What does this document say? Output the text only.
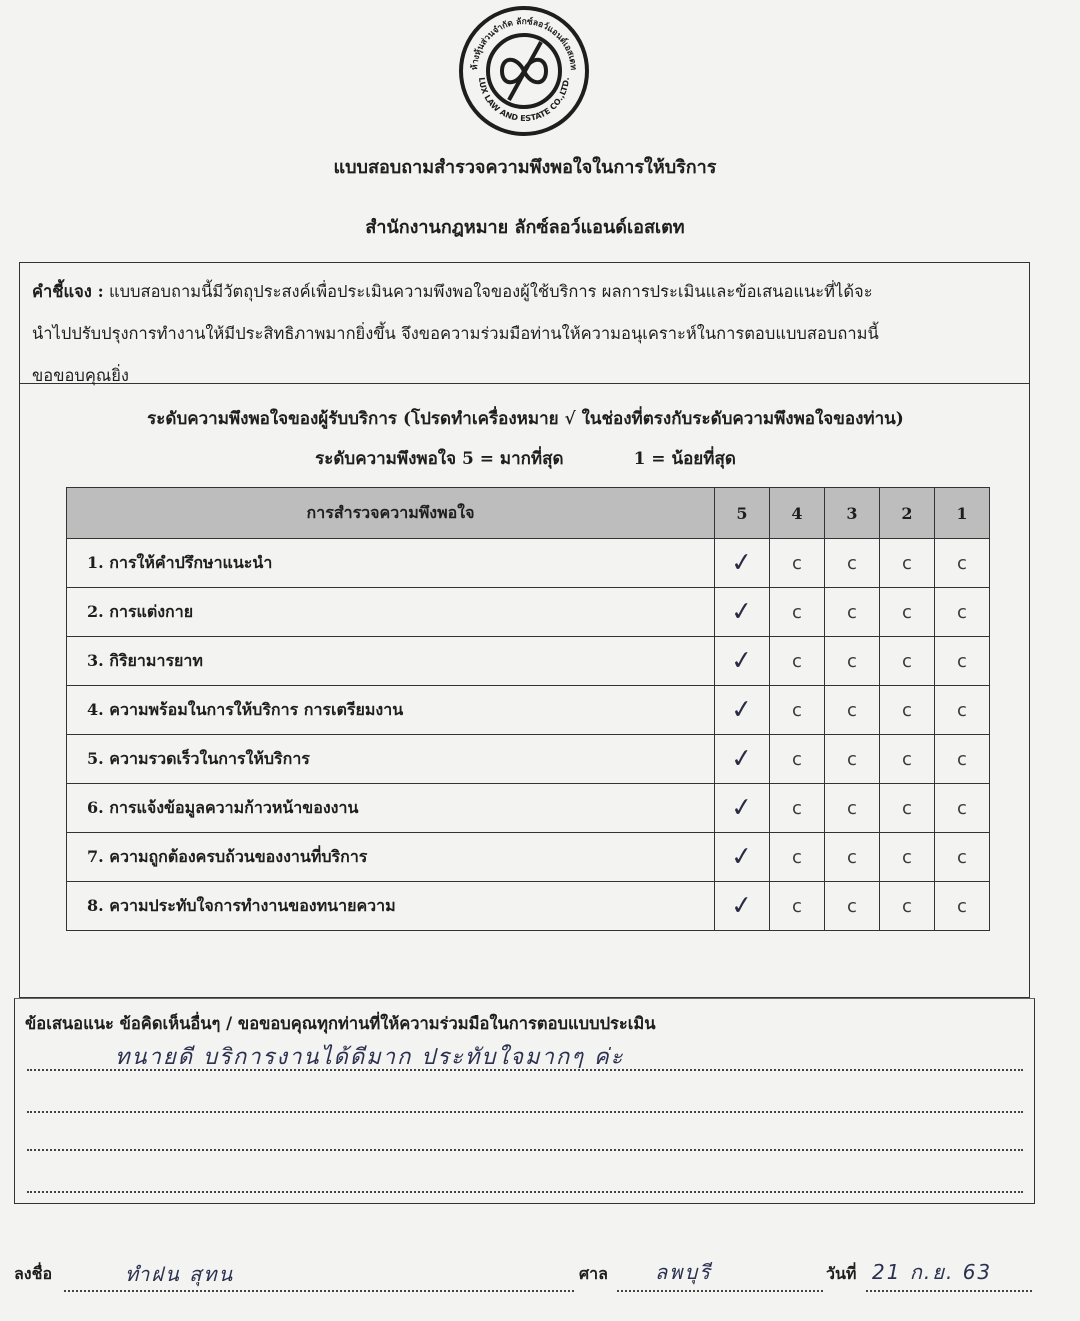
ห้างหุ้นส่วนจำกัด ลักซ์ลอว์แอนด์เอสเตท
LUX LAW AND ESTATE CO.,LTD.
แบบสอบถามสำรวจความพึงพอใจในการให้บริการ
สำนักงานกฎหมาย ลักซ์ลอว์แอนด์เอสเตท
คำชี้แจง : แบบสอบถามนี้มีวัตถุประสงค์เพื่อประเมินความพึงพอใจของผู้ใช้บริการ ผลการประเมินและข้อเสนอแนะที่ได้จะ
นำไปปรับปรุงการทำงานให้มีประสิทธิภาพมากยิ่งขึ้น จึงขอความร่วมมือท่านให้ความอนุเคราะห์ในการตอบแบบสอบถามนี้
ขอขอบคุณยิ่ง
ระดับความพึงพอใจของผู้รับบริการ (โปรดทำเครื่องหมาย √ ในช่องที่ตรงกับระดับความพึงพอใจของท่าน)
ระดับความพึงพอใจ 5 = มากที่สุด	1 = น้อยที่สุด
การสำรวจความพึงพอใจ	5	4	3	2	1
1. การให้คำปรึกษาแนะนำ	✓	c	c	c	c
2. การแต่งกาย	✓	c	c	c	c
3. กิริยามารยาท	✓	c	c	c	c
4. ความพร้อมในการให้บริการ การเตรียมงาน	✓	c	c	c	c
5. ความรวดเร็วในการให้บริการ	✓	c	c	c	c
6. การแจ้งข้อมูลความก้าวหน้าของงาน	✓	c	c	c	c
7. ความถูกต้องครบถ้วนของงานที่บริการ	✓	c	c	c	c
8. ความประทับใจการทำงานของทนายความ	✓	c	c	c	c
ข้อเสนอแนะ ข้อคิดเห็นอื่นๆ / ขอขอบคุณทุกท่านที่ให้ความร่วมมือในการตอบแบบประเมิน
ทนายดี บริการงานได้ดีมาก ประทับใจมากๆ ค่ะ
ลงชื่อ	ทำฝน สุทน	ศาล ลพบุรี	วันที่ 21 ก.ย. 63
